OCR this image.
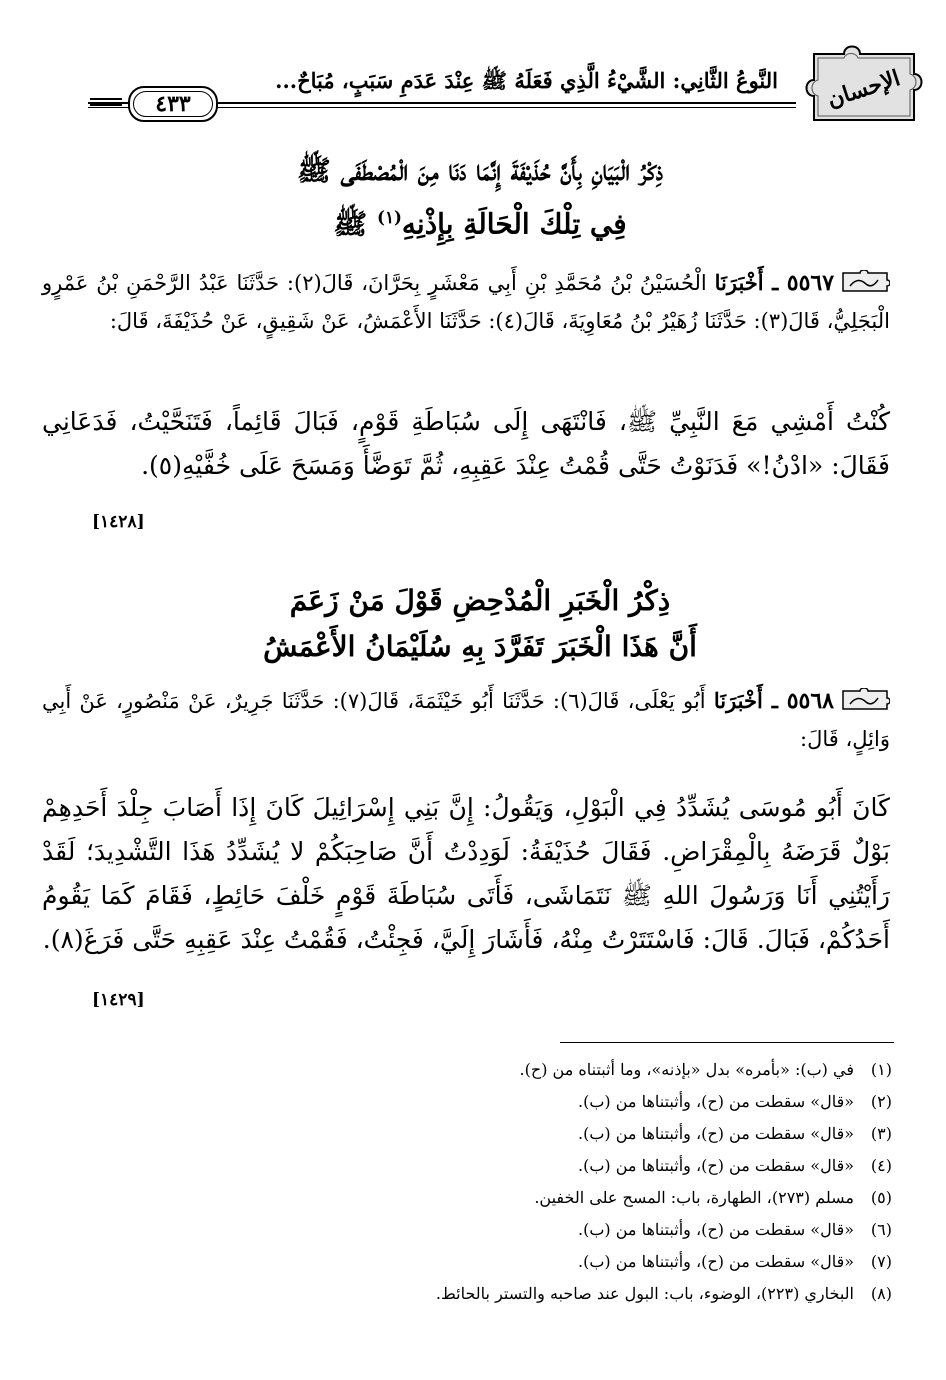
الإحسان
النَّوعُ الثَّانِي: الشَّيْءُ الَّذِي فَعَلَهُ ﷺ عِنْدَ عَدَمِ سَبَبٍ، مُبَاحٌ...
٤٣٣
ذِكْرُ الْبَيَانِ بِأَنَّ حُذَيْفَةَ إِنَّمَا دَنَا مِنَ الْمُصْطَفَى ﷺ
فِي تِلْكَ الْحَالَةِ بِإِذْنِهِ$^{(١)}$ ﷺ
٥٥٦٧ ـ أَخْبَرَنَا الْحُسَيْنُ بْنُ مُحَمَّدِ بْنِ أَبِي مَعْشَرٍ بِحَرَّانَ، قَالَ(٢): حَدَّثَنَا عَبْدُ الرَّحْمَنِ بْنُ عَمْرٍو الْبَجَلِيُّ، قَالَ(٣): حَدَّثَنَا زُهَيْرُ بْنُ مُعَاوِيَةَ، قَالَ(٤): حَدَّثَنَا الأَعْمَشُ، عَنْ شَقِيقٍ، عَنْ حُذَيْفَةَ، قَالَ:
كُنْتُ أَمْشِي مَعَ النَّبِيِّ ﷺ، فَانْتَهَى إِلَى سُبَاطَةِ قَوْمٍ، فَبَالَ قَائِماً، فَتَنَحَّيْتُ، فَدَعَانِي فَقَالَ: «ادْنُ!» فَدَنَوْتُ حَتَّى قُمْتُ عِنْدَ عَقِبِهِ، ثُمَّ تَوَضَّأَ وَمَسَحَ عَلَى خُفَّيْهِ(٥).
[١٤٢٨]
ذِكْرُ الْخَبَرِ الْمُدْحِضِ قَوْلَ مَنْ زَعَمَ
أَنَّ هَذَا الْخَبَرَ تَفَرَّدَ بِهِ سُلَيْمَانُ الأَعْمَشُ
٥٥٦٨ ـ أَخْبَرَنَا أَبُو يَعْلَى، قَالَ(٦): حَدَّثَنَا أَبُو خَيْثَمَةَ، قَالَ(٧): حَدَّثَنَا جَرِيرٌ، عَنْ مَنْصُورٍ، عَنْ أَبِي وَائِلٍ، قَالَ:
كَانَ أَبُو مُوسَى يُشَدِّدُ فِي الْبَوْلِ، وَيَقُولُ: إِنَّ بَنِي إِسْرَائِيلَ كَانَ إِذَا أَصَابَ جِلْدَ أَحَدِهِمْ بَوْلٌ قَرَضَهُ بِالْمِقْرَاضِ. فَقَالَ حُذَيْفَةُ: لَوَدِدْتُ أَنَّ صَاحِبَكُمْ لا يُشَدِّدُ هَذَا التَّشْدِيدَ؛ لَقَدْ رَأَيْتُنِي أَنَا وَرَسُولَ اللهِ ﷺ نَتَمَاشَى، فَأَتَى سُبَاطَةَ قَوْمٍ خَلْفَ حَائِطٍ، فَقَامَ كَمَا يَقُومُ أَحَدُكُمْ، فَبَالَ. قَالَ: فَاسْتَتَرْتُ مِنْهُ، فَأَشَارَ إِلَيَّ، فَجِئْتُ، فَقُمْتُ عِنْدَ عَقِبِهِ حَتَّى فَرَغَ(٨).
[١٤٢٩]
(١)في (ب): «بأمره» بدل «بإذنه»، وما أثبتناه من (ح).
(٢)«قال» سقطت من (ح)، وأثبتناها من (ب).
(٣)«قال» سقطت من (ح)، وأثبتناها من (ب).
(٤)«قال» سقطت من (ح)، وأثبتناها من (ب).
(٥)مسلم (٢٧٣)، الطهارة، باب: المسح على الخفين.
(٦)«قال» سقطت من (ح)، وأثبتناها من (ب).
(٧)«قال» سقطت من (ح)، وأثبتناها من (ب).
(٨)البخاري (٢٢٣)، الوضوء، باب: البول عند صاحبه والتستر بالحائط.
